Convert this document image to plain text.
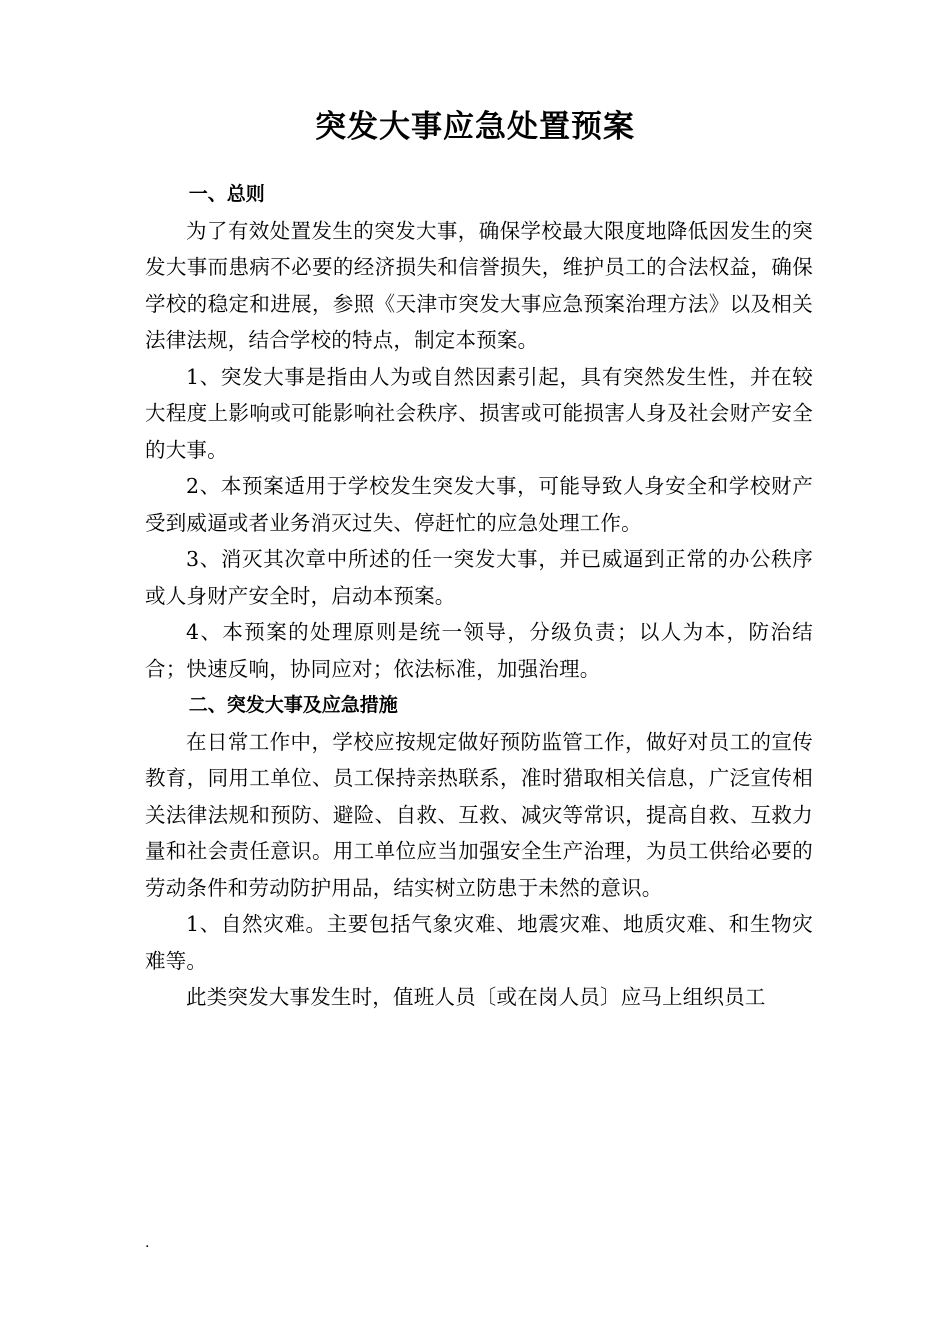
突发大事应急处置预案

一、总则

为了有效处置发生的突发大事，确保学校最大限度地降低因发生的突发大事而患病不必要的经济损失和信誉损失，维护员工的合法权益，确保学校的稳定和进展，参照《天津市突发大事应急预案治理方法》以及相关法律法规，结合学校的特点，制定本预案。

1、突发大事是指由人为或自然因素引起，具有突然发生性，并在较大程度上影响或可能影响社会秩序、损害或可能损害人身及社会财产安全的大事。

2、本预案适用于学校发生突发大事，可能导致人身安全和学校财产受到威逼或者业务消灭过失、停赶忙的应急处理工作。

3、消灭其次章中所述的任一突发大事，并已威逼到正常的办公秩序或人身财产安全时，启动本预案。

4、本预案的处理原则是统一领导，分级负责；以人为本，防治结合；快速反响，协同应对；依法标准，加强治理。

二、突发大事及应急措施

在日常工作中，学校应按规定做好预防监管工作，做好对员工的宣传教育，同用工单位、员工保持亲热联系，准时猎取相关信息，广泛宣传相关法律法规和预防、避险、自救、互救、减灾等常识，提高自救、互救力量和社会责任意识。用工单位应当加强安全生产治理，为员工供给必要的劳动条件和劳动防护用品，结实树立防患于未然的意识。

1、自然灾难。主要包括气象灾难、地震灾难、地质灾难、和生物灾难等。

此类突发大事发生时，值班人员〔或在岗人员〕应马上组织员工

.
